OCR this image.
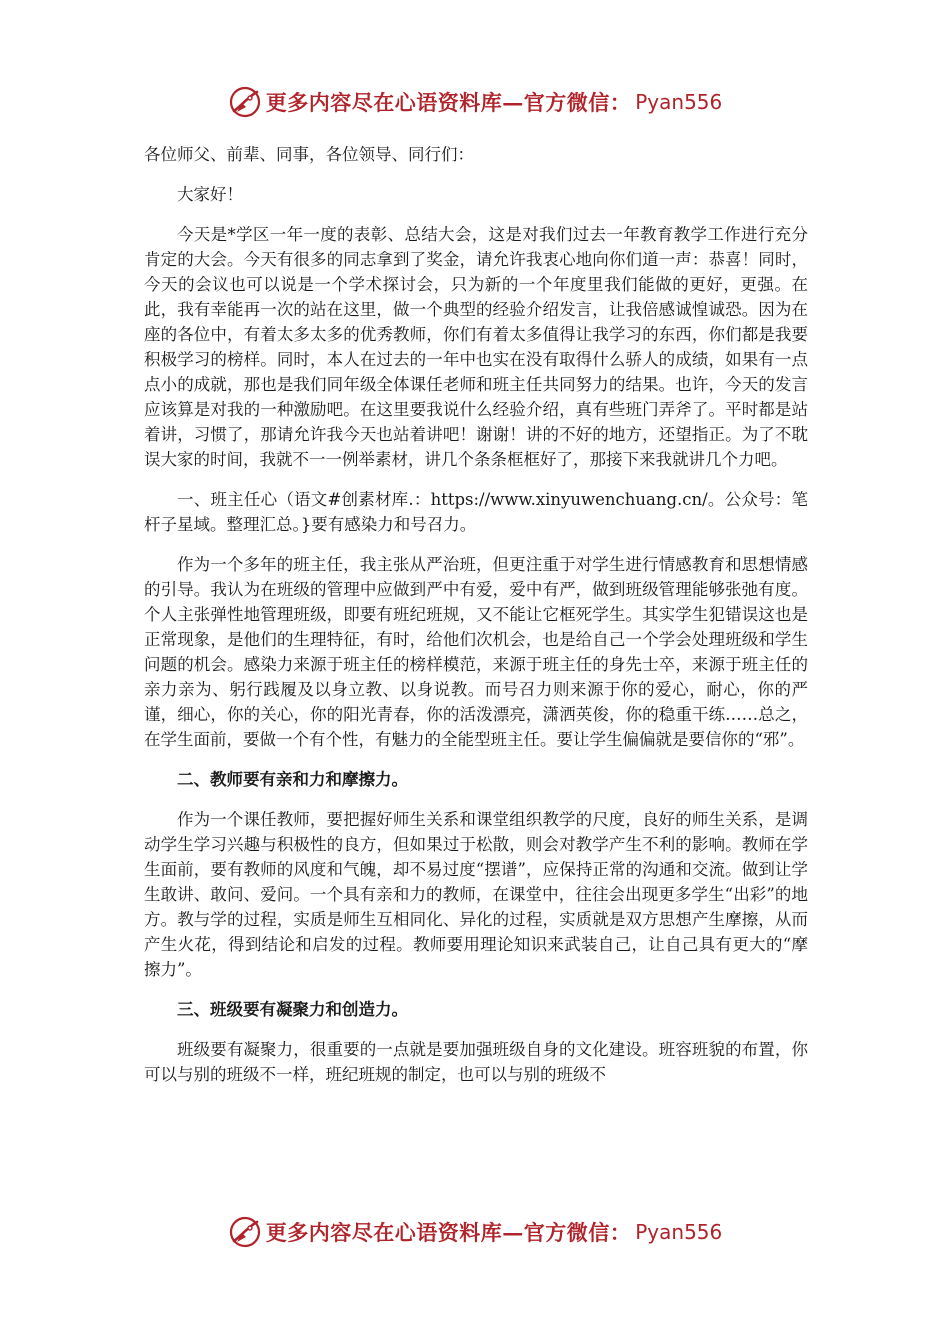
更多内容尽在心语资料库—官方微信： Pyan556

各位师父、前辈、同事，各位领导、同行们：

大家好！

今天是*学区一年一度的表彰、总结大会，这是对我们过去一年教育教学工作进行充分肯定的大会。今天有很多的同志拿到了奖金，请允许我衷心地向你们道一声：恭喜！同时，今天的会议也可以说是一个学术探讨会，只为新的一个年度里我们能做的更好，更强。在此，我有幸能再一次的站在这里，做一个典型的经验介绍发言，让我倍感诚惶诚恐。因为在座的各位中，有着太多太多的优秀教师，你们有着太多值得让我学习的东西，你们都是我要积极学习的榜样。同时，本人在过去的一年中也实在没有取得什么骄人的成绩，如果有一点点小的成就，那也是我们同年级全体课任老师和班主任共同努力的结果。也许，今天的发言应该算是对我的一种激励吧。在这里要我说什么经验介绍，真有些班门弄斧了。平时都是站着讲，习惯了，那请允许我今天也站着讲吧！谢谢！讲的不好的地方，还望指正。为了不耽误大家的时间，我就不一一例举素材，讲几个条条框框好了，那接下来我就讲几个力吧。

一、班主任心（语文#创素材库.：https://www.xinyuwenchuang.cn/。公众号：笔杆子星域。整理汇总。}要有感染力和号召力。

作为一个多年的班主任，我主张从严治班，但更注重于对学生进行情感教育和思想情感的引导。我认为在班级的管理中应做到严中有爱，爱中有严，做到班级管理能够张弛有度。个人主张弹性地管理班级，即要有班纪班规，又不能让它框死学生。其实学生犯错误这也是正常现象，是他们的生理特征，有时，给他们次机会，也是给自己一个学会处理班级和学生问题的机会。感染力来源于班主任的榜样模范，来源于班主任的身先士卒，来源于班主任的亲力亲为、躬行践履及以身立教、以身说教。而号召力则来源于你的爱心，耐心，你的严谨，细心，你的关心，你的阳光青春，你的活泼漂亮，潇洒英俊，你的稳重干练……总之，在学生面前，要做一个有个性，有魅力的全能型班主任。要让学生偏偏就是要信你的“邪”。

二、教师要有亲和力和摩擦力。

作为一个课任教师，要把握好师生关系和课堂组织教学的尺度，良好的师生关系，是调动学生学习兴趣与积极性的良方，但如果过于松散，则会对教学产生不利的影响。教师在学生面前，要有教师的风度和气魄，却不易过度“摆谱”，应保持正常的沟通和交流。做到让学生敢讲、敢问、爱问。一个具有亲和力的教师，在课堂中，往往会出现更多学生“出彩”的地方。教与学的过程，实质是师生互相同化、异化的过程，实质就是双方思想产生摩擦，从而产生火花，得到结论和启发的过程。教师要用理论知识来武装自己，让自己具有更大的“摩擦力”。

三、班级要有凝聚力和创造力。

班级要有凝聚力，很重要的一点就是要加强班级自身的文化建设。班容班貌的布置，你可以与别的班级不一样，班纪班规的制定，也可以与别的班级不

更多内容尽在心语资料库—官方微信： Pyan556
